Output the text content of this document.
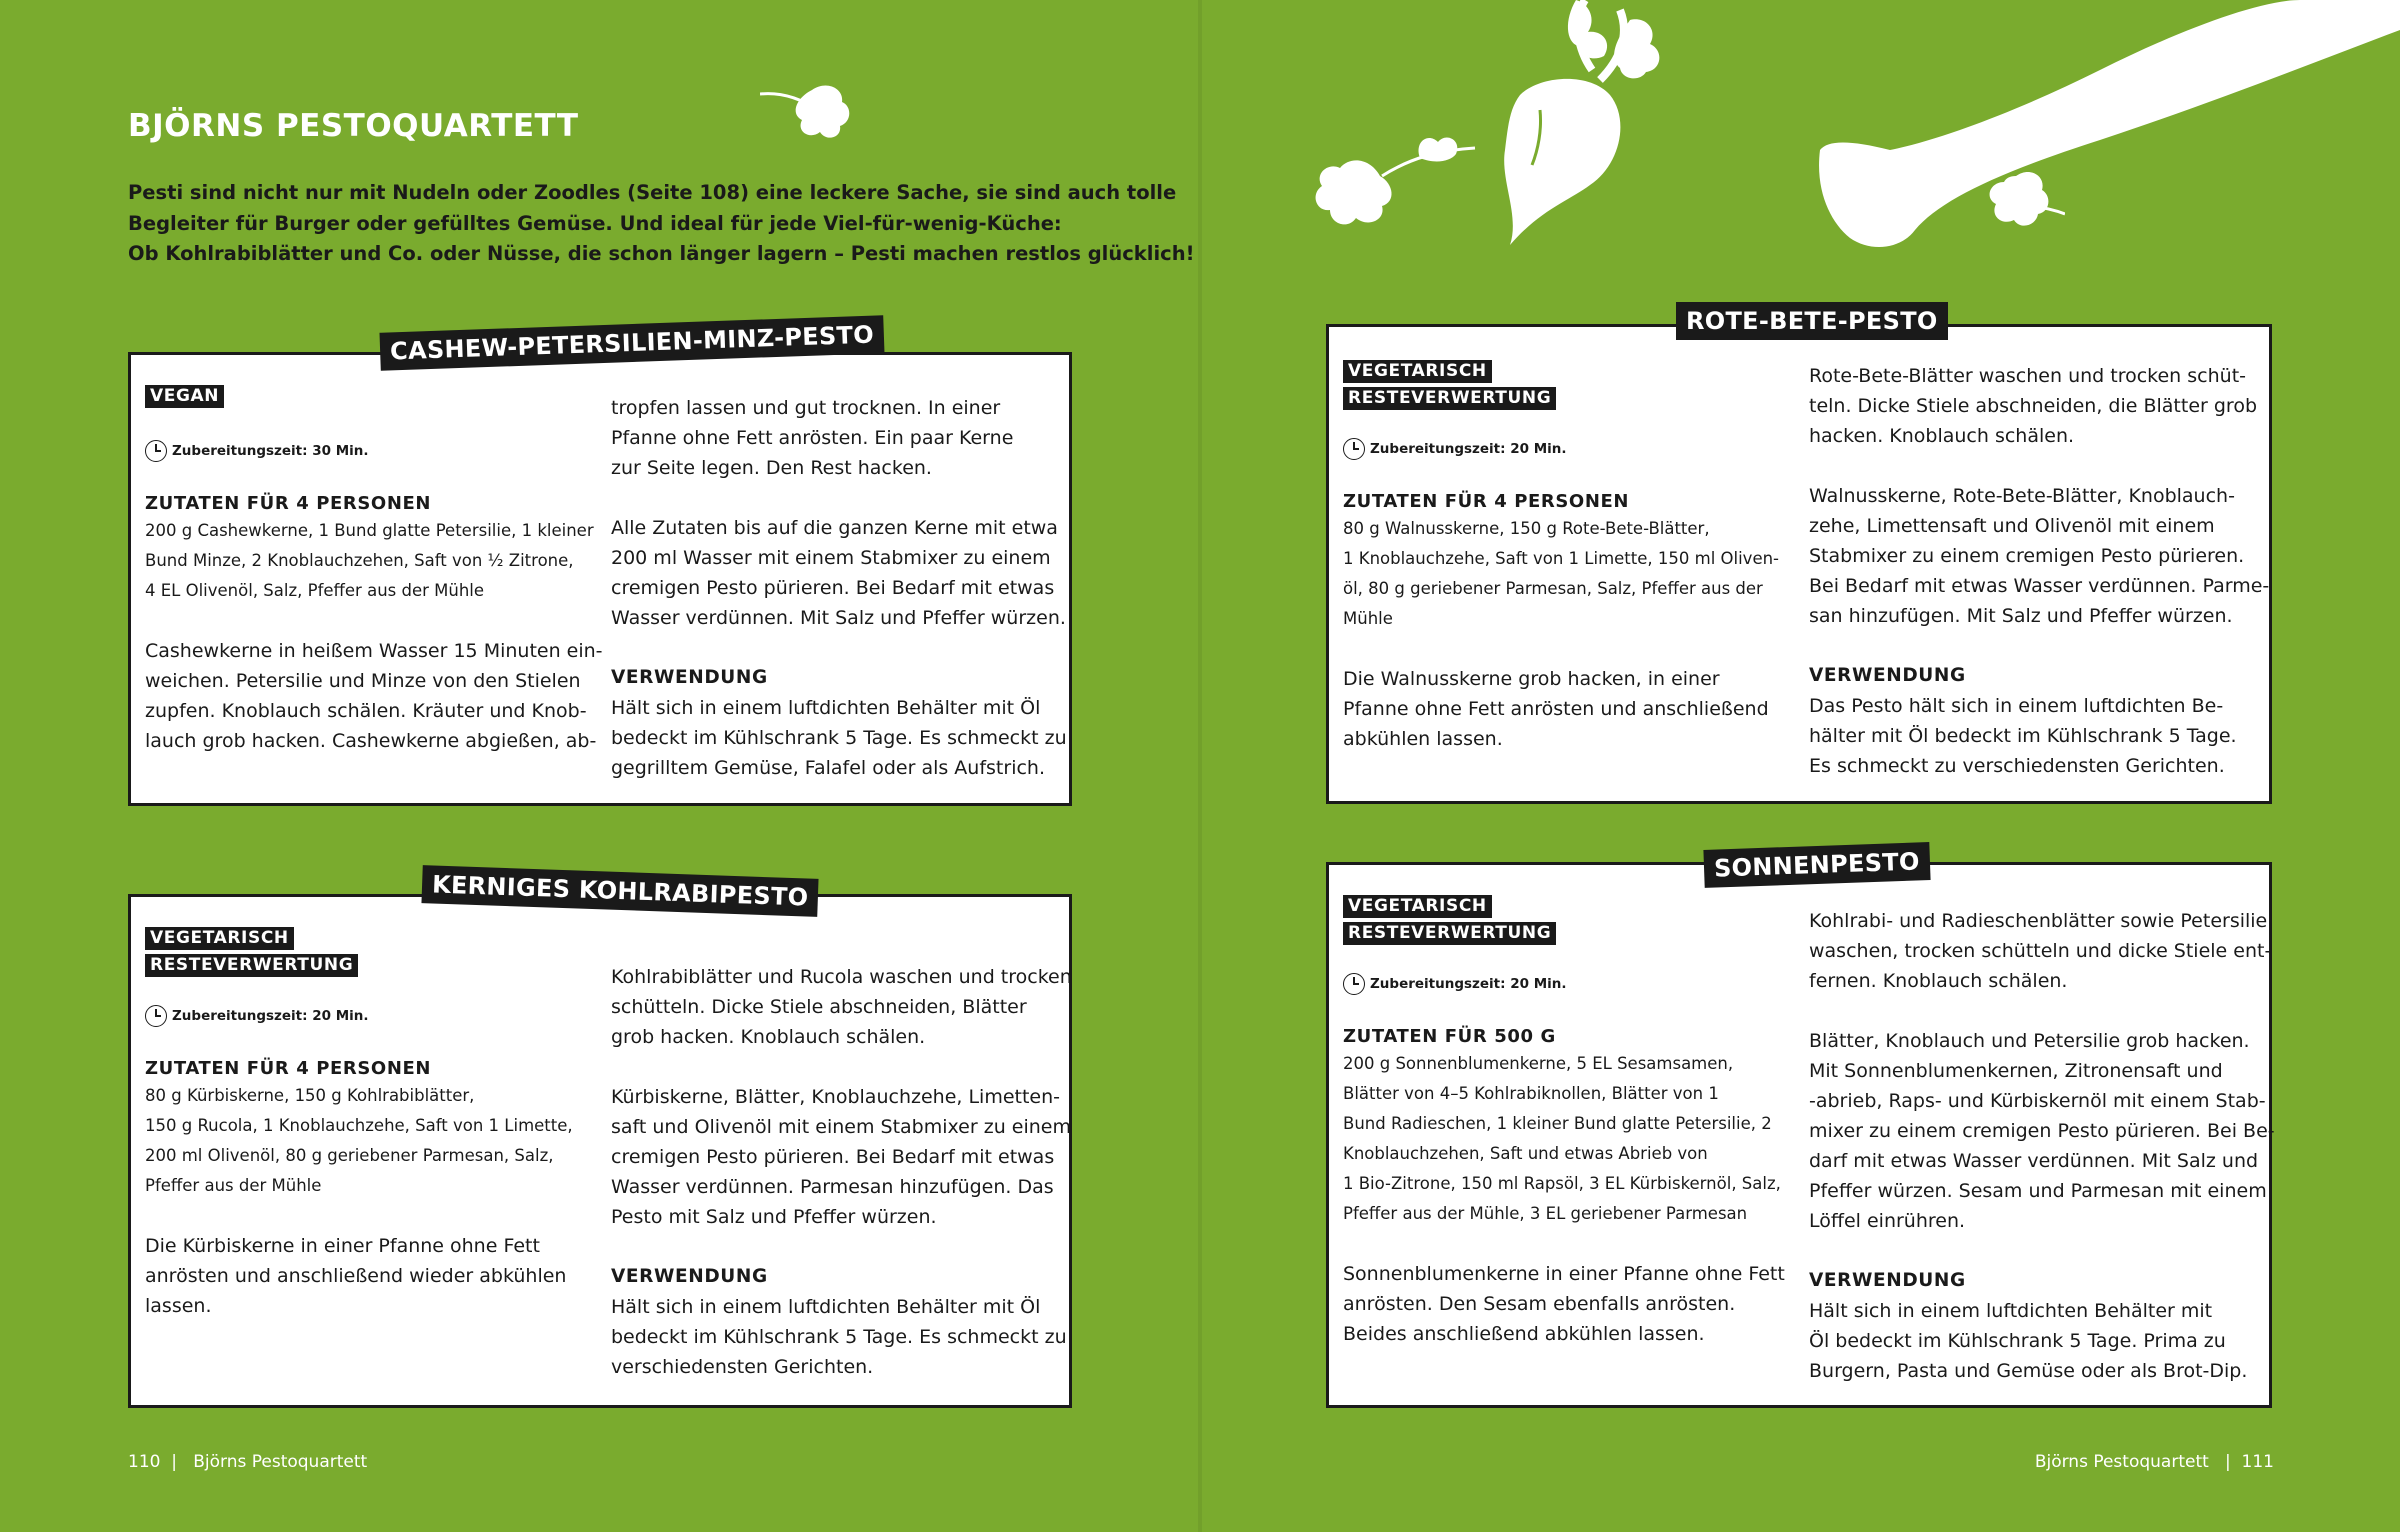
BJÖRNS PESTOQUARTETT
Pesti sind nicht nur mit Nudeln oder Zoodles (Seite 108) eine leckere Sache, sie sind auch tolle
Begleiter für Burger oder gefülltes Gemüse. Und ideal für jede Viel-für-wenig-Küche:
Ob Kohlrabiblätter und Co. oder Nüsse, die schon länger lagern – Pesti machen restlos glücklich!
VEGAN
Zubereitungszeit: 30 Min.
ZUTATEN FÜR 4 PERSONEN
200 g Cashewkerne, 1 Bund glatte Petersilie, 1 kleiner
Bund Minze, 2 Knoblauchzehen, Saft von ½ Zitrone,
4 EL Olivenöl, Salz, Pfeffer aus der Mühle
Cashewkerne in heißem Wasser 15 Minuten ein-
weichen. Petersilie und Minze von den Stielen
zupfen. Knoblauch schälen. Kräuter und Knob-
lauch grob hacken. Cashewkerne abgießen, ab-
tropfen lassen und gut trocknen. In einer
Pfanne ohne Fett anrösten. Ein paar Kerne
zur Seite legen. Den Rest hacken.
Alle Zutaten bis auf die ganzen Kerne mit etwa
200 ml Wasser mit einem Stabmixer zu einem
cremigen Pesto pürieren. Bei Bedarf mit etwas
Wasser verdünnen. Mit Salz und Pfeffer würzen.
VERWENDUNG
Hält sich in einem luftdichten Behälter mit Öl
bedeckt im Kühlschrank 5 Tage. Es schmeckt zu
gegrilltem Gemüse, Falafel oder als Aufstrich.
CASHEW-PETERSILIEN-MINZ-PESTO
VEGETARISCH
RESTEVERWERTUNG
Zubereitungszeit: 20 Min.
ZUTATEN FÜR 4 PERSONEN
80 g Kürbiskerne, 150 g Kohlrabiblätter,
150 g Rucola, 1 Knoblauchzehe, Saft von 1 Limette,
200 ml Olivenöl, 80 g geriebener Parmesan, Salz,
Pfeffer aus der Mühle
Die Kürbiskerne in einer Pfanne ohne Fett
anrösten und anschließend wieder abkühlen
lassen.
Kohlrabiblätter und Rucola waschen und trocken
schütteln. Dicke Stiele abschneiden, Blätter
grob hacken. Knoblauch schälen.
Kürbiskerne, Blätter, Knoblauchzehe, Limetten-
saft und Olivenöl mit einem Stabmixer zu einem
cremigen Pesto pürieren. Bei Bedarf mit etwas
Wasser verdünnen. Parmesan hinzufügen. Das
Pesto mit Salz und Pfeffer würzen.
VERWENDUNG
Hält sich in einem luftdichten Behälter mit Öl
bedeckt im Kühlschrank 5 Tage. Es schmeckt zu
verschiedensten Gerichten.
KERNIGES KOHLRABIPESTO
VEGETARISCH
RESTEVERWERTUNG
Zubereitungszeit: 20 Min.
ZUTATEN FÜR 4 PERSONEN
80 g Walnusskerne, 150 g Rote-Bete-Blätter,
1 Knoblauchzehe, Saft von 1 Limette, 150 ml Oliven-
öl, 80 g geriebener Parmesan, Salz, Pfeffer aus der
Mühle
Die Walnusskerne grob hacken, in einer
Pfanne ohne Fett anrösten und anschließend
abkühlen lassen.
Rote-Bete-Blätter waschen und trocken schüt-
teln. Dicke Stiele abschneiden, die Blätter grob
hacken. Knoblauch schälen.
Walnusskerne, Rote-Bete-Blätter, Knoblauch-
zehe, Limettensaft und Olivenöl mit einem
Stabmixer zu einem cremigen Pesto pürieren.
Bei Bedarf mit etwas Wasser verdünnen. Parme-
san hinzufügen. Mit Salz und Pfeffer würzen.
VERWENDUNG
Das Pesto hält sich in einem luftdichten Be-
hälter mit Öl bedeckt im Kühlschrank 5 Tage.
Es schmeckt zu verschiedensten Gerichten.
ROTE-BETE-PESTO
VEGETARISCH
RESTEVERWERTUNG
Zubereitungszeit: 20 Min.
ZUTATEN FÜR 500 G
200 g Sonnenblumenkerne, 5 EL Sesamsamen,
Blätter von 4–5 Kohlrabiknollen, Blätter von 1
Bund Radieschen, 1 kleiner Bund glatte Petersilie, 2
Knoblauchzehen, Saft und etwas Abrieb von
1 Bio-Zitrone, 150 ml Rapsöl, 3 EL Kürbiskernöl, Salz,
Pfeffer aus der Mühle, 3 EL geriebener Parmesan
Sonnenblumenkerne in einer Pfanne ohne Fett
anrösten. Den Sesam ebenfalls anrösten.
Beides anschließend abkühlen lassen.
Kohlrabi- und Radieschenblätter sowie Petersilie
waschen, trocken schütteln und dicke Stiele ent-
fernen. Knoblauch schälen.
Blätter, Knoblauch und Petersilie grob hacken.
Mit Sonnenblumenkernen, Zitronensaft und
-abrieb, Raps- und Kürbiskernöl mit einem Stab-
mixer zu einem cremigen Pesto pürieren. Bei Be-
darf mit etwas Wasser verdünnen. Mit Salz und
Pfeffer würzen. Sesam und Parmesan mit einem
Löffel einrühren.
VERWENDUNG
Hält sich in einem luftdichten Behälter mit
Öl bedeckt im Kühlschrank 5 Tage. Prima zu
Burgern, Pasta und Gemüse oder als Brot-Dip.
SONNENPESTO
110  |   Björns Pestoquartett	Björns Pestoquartett   |  111
